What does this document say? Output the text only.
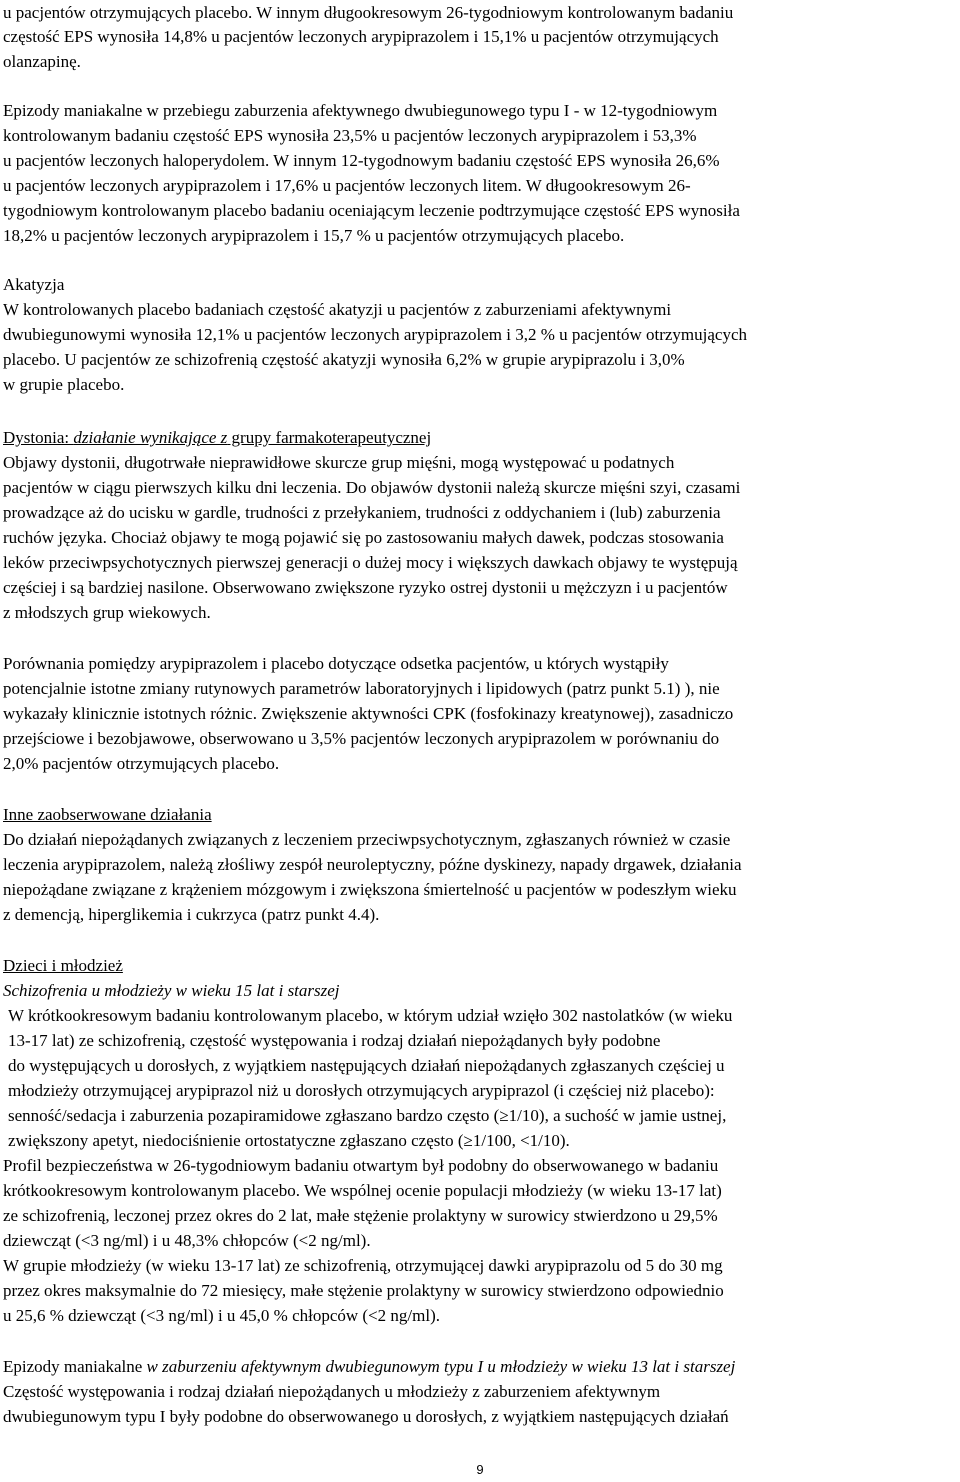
u pacjentów otrzymujących placebo. W innym długookresowym 26-tygodniowym kontrolowanym badaniu
częstość EPS wynosiła 14,8% u pacjentów leczonych arypiprazolem i 15,1% u pacjentów otrzymujących
olanzapinę.
Epizody maniakalne w przebiegu zaburzenia afektywnego dwubiegunowego typu I - w 12-tygodniowym
kontrolowanym badaniu częstość EPS wynosiła 23,5% u pacjentów leczonych arypiprazolem i 53,3%
u pacjentów leczonych haloperydolem. W innym 12-tygodnowym badaniu częstość EPS wynosiła 26,6%
u pacjentów leczonych arypiprazolem i 17,6% u pacjentów leczonych litem. W długookresowym 26-
tygodniowym kontrolowanym placebo badaniu oceniającym leczenie podtrzymujące częstość EPS wynosiła
18,2% u pacjentów leczonych arypiprazolem i 15,7 % u pacjentów otrzymujących placebo.
Akatyzja
W kontrolowanych placebo badaniach częstość akatyzji u pacjentów z zaburzeniami afektywnymi
dwubiegunowymi wynosiła 12,1% u pacjentów leczonych arypiprazolem i 3,2 % u pacjentów otrzymujących
placebo. U pacjentów ze schizofrenią częstość akatyzji wynosiła 6,2% w grupie arypiprazolu i 3,0%
w grupie placebo.
Dystonia: działanie wynikające z grupy farmakoterapeutycznej
Objawy dystonii, długotrwałe nieprawidłowe skurcze grup mięśni, mogą występować u podatnych
pacjentów w ciągu pierwszych kilku dni leczenia. Do objawów dystonii należą skurcze mięśni szyi, czasami
prowadzące aż do ucisku w gardle, trudności z przełykaniem, trudności z oddychaniem i (lub) zaburzenia
ruchów języka. Chociaż objawy te mogą pojawić się po zastosowaniu małych dawek, podczas stosowania
leków przeciwpsychotycznych pierwszej generacji o dużej mocy i większych dawkach objawy te występują
częściej i są bardziej nasilone. Obserwowano zwiększone ryzyko ostrej dystonii u mężczyzn i u pacjentów
z młodszych grup wiekowych.
Porównania pomiędzy arypiprazolem i placebo dotyczące odsetka pacjentów, u których wystąpiły
potencjalnie istotne zmiany rutynowych parametrów laboratoryjnych i lipidowych (patrz punkt 5.1) ), nie
wykazały klinicznie istotnych różnic. Zwiększenie aktywności CPK (fosfokinazy kreatynowej), zasadniczo
przejściowe i bezobjawowe, obserwowano u 3,5% pacjentów leczonych arypiprazolem w porównaniu do
2,0% pacjentów otrzymujących placebo.
Inne zaobserwowane działania
Do działań niepożądanych związanych z leczeniem przeciwpsychotycznym, zgłaszanych również w czasie
leczenia arypiprazolem, należą złośliwy zespół neuroleptyczny, późne dyskinezy, napady drgawek, działania
niepożądane związane z krążeniem mózgowym i zwiększona śmiertelność u pacjentów w podeszłym wieku
z demencją, hiperglikemia i cukrzyca (patrz punkt 4.4).
Dzieci i młodzież
Schizofrenia u młodzieży w wieku 15 lat i starszej
W krótkookresowym badaniu kontrolowanym placebo, w którym udział wzięło 302 nastolatków (w wieku
13-17 lat) ze schizofrenią, częstość występowania i rodzaj działań niepożądanych były podobne
do występujących u dorosłych, z wyjątkiem następujących działań niepożądanych zgłaszanych częściej u
młodzieży otrzymującej arypiprazol niż u dorosłych otrzymujących arypiprazol (i częściej niż placebo):
senność/sedacja i zaburzenia pozapiramidowe zgłaszano bardzo często (≥1/10), a suchość w jamie ustnej,
zwiększony apetyt, niedociśnienie ortostatyczne zgłaszano często (≥1/100, <1/10).
Profil bezpieczeństwa w 26-tygodniowym badaniu otwartym był podobny do obserwowanego w badaniu
krótkookresowym kontrolowanym placebo. We wspólnej ocenie populacji młodzieży (w wieku 13-17 lat)
ze schizofrenią, leczonej przez okres do 2 lat, małe stężenie prolaktyny w surowicy stwierdzono u 29,5%
dziewcząt (<3 ng/ml) i u 48,3% chłopców (<2 ng/ml).
W grupie młodzieży (w wieku 13-17 lat) ze schizofrenią, otrzymującej dawki arypiprazolu od 5 do 30 mg
przez okres maksymalnie do 72 miesięcy, małe stężenie prolaktyny w surowicy stwierdzono odpowiednio
u 25,6 % dziewcząt (<3 ng/ml) i u 45,0 % chłopców (<2 ng/ml).
Epizody maniakalne w zaburzeniu afektywnym dwubiegunowym typu I u młodzieży w wieku 13 lat i starszej
Częstość występowania i rodzaj działań niepożądanych u młodzieży z zaburzeniem afektywnym
dwubiegunowym typu I były podobne do obserwowanego u dorosłych, z wyjątkiem następujących działań
9
